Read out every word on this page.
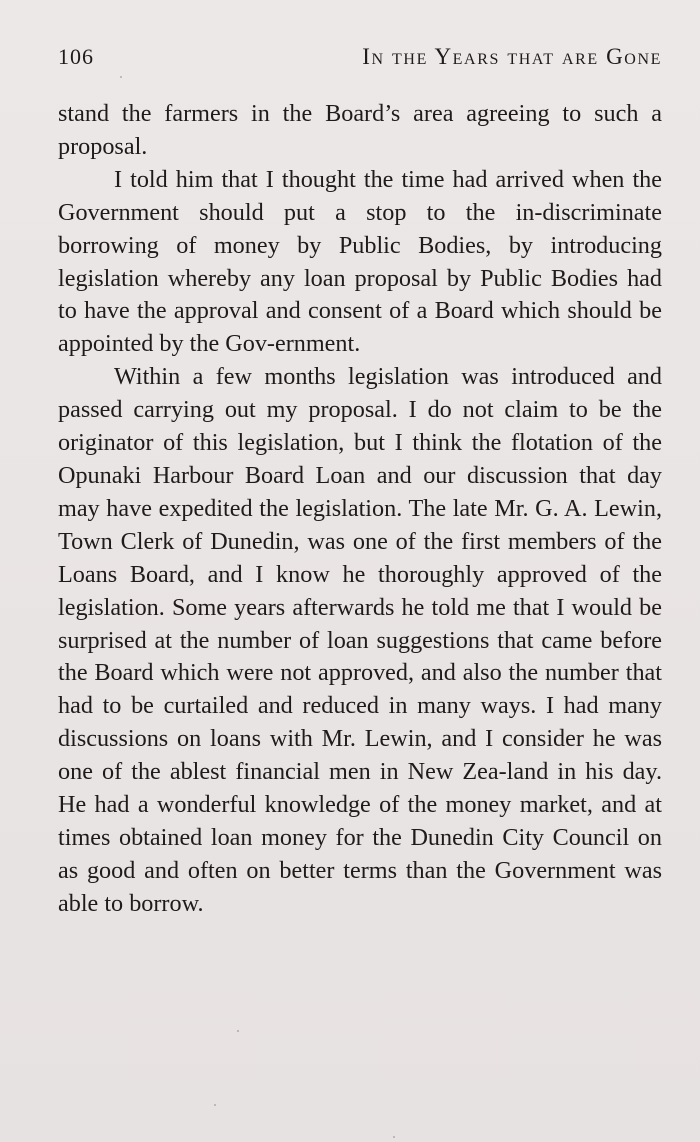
106	In the Years that are Gone

stand the farmers in the Board’s area agreeing to such a proposal.

I told him that I thought the time had arrived when the Government should put a stop to the in-discriminate borrowing of money by Public Bodies, by introducing legislation whereby any loan proposal by Public Bodies had to have the approval and consent of a Board which should be appointed by the Gov-ernment.

Within a few months legislation was introduced and passed carrying out my proposal. I do not claim to be the originator of this legislation, but I think the flotation of the Opunaki Harbour Board Loan and our discussion that day may have expedited the legislation. The late Mr. G. A. Lewin, Town Clerk of Dunedin, was one of the first members of the Loans Board, and I know he thoroughly approved of the legislation. Some years afterwards he told me that I would be surprised at the number of loan suggestions that came before the Board which were not approved, and also the number that had to be curtailed and reduced in many ways. I had many discussions on loans with Mr. Lewin, and I consider he was one of the ablest financial men in New Zea-land in his day. He had a wonderful knowledge of the money market, and at times obtained loan money for the Dunedin City Council on as good and often on better terms than the Government was able to borrow.
